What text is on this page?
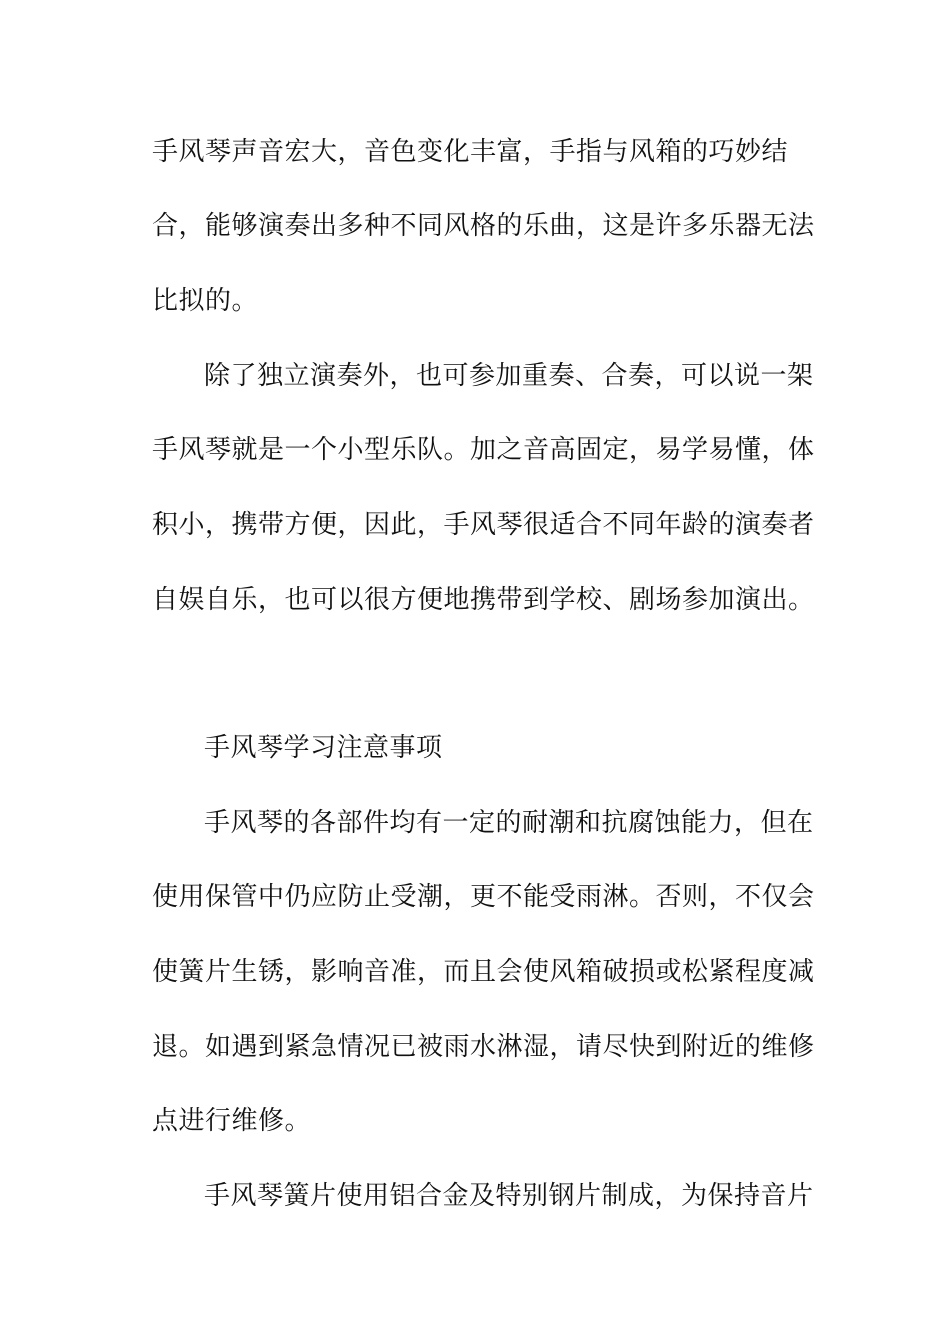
手风琴声音宏大，音色变化丰富，手指与风箱的巧妙结
合，能够演奏出多种不同风格的乐曲，这是许多乐器无法
比拟的。
除了独立演奏外，也可参加重奏、合奏，可以说一架
手风琴就是一个小型乐队。加之音高固定，易学易懂，体
积小，携带方便，因此，手风琴很适合不同年龄的演奏者
自娱自乐，也可以很方便地携带到学校、剧场参加演出。
手风琴学习注意事项
手风琴的各部件均有一定的耐潮和抗腐蚀能力，但在
使用保管中仍应防止受潮，更不能受雨淋。否则，不仅会
使簧片生锈，影响音准，而且会使风箱破损或松紧程度减
退。如遇到紧急情况已被雨水淋湿，请尽快到附近的维修
点进行维修。
手风琴簧片使用铝合金及特别钢片制成，为保持音片
